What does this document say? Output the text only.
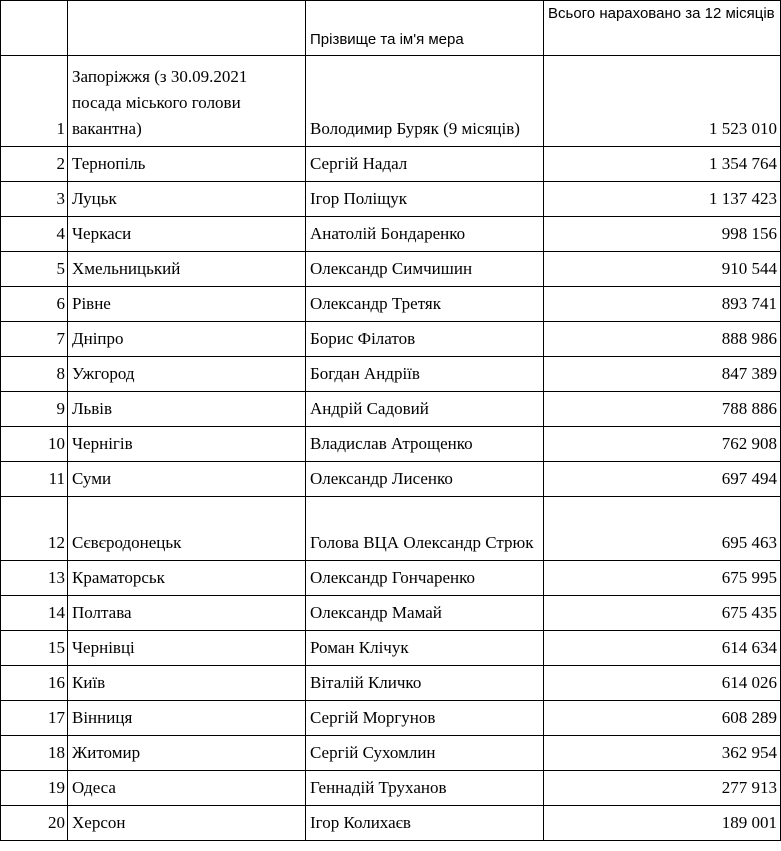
		Прізвище та ім'я мера	Всього нараховано за 12 місяців
1	Запоріжжя (з 30.09.2021 посада міського голови вакантна)	Володимир Буряк (9 місяців)	1 523 010
2	Тернопіль	Сергій Надал	1 354 764
3	Луцьк	Ігор Поліщук	1 137 423
4	Черкаси	Анатолій Бондаренко	998 156
5	Хмельницький	Олександр Симчишин	910 544
6	Рівне	Олександр Третяк	893 741
7	Дніпро	Борис Філатов	888 986
8	Ужгород	Богдан Андріїв	847 389
9	Львів	Андрій Садовий	788 886
10	Чернігів	Владислав Атрощенко	762 908
11	Суми	Олександр Лисенко	697 494
12	Сєвєродонецьк	Голова ВЦА Олександр Стрюк	695 463
13	Краматорськ	Олександр Гончаренко	675 995
14	Полтава	Олександр Мамай	675 435
15	Чернівці	Роман Клічук	614 634
16	Київ	Віталій Кличко	614 026
17	Вінниця	Сергій Моргунов	608 289
18	Житомир	Сергій Сухомлин	362 954
19	Одеса	Геннадій Труханов	277 913
20	Херсон	Ігор Колихаєв	189 001
